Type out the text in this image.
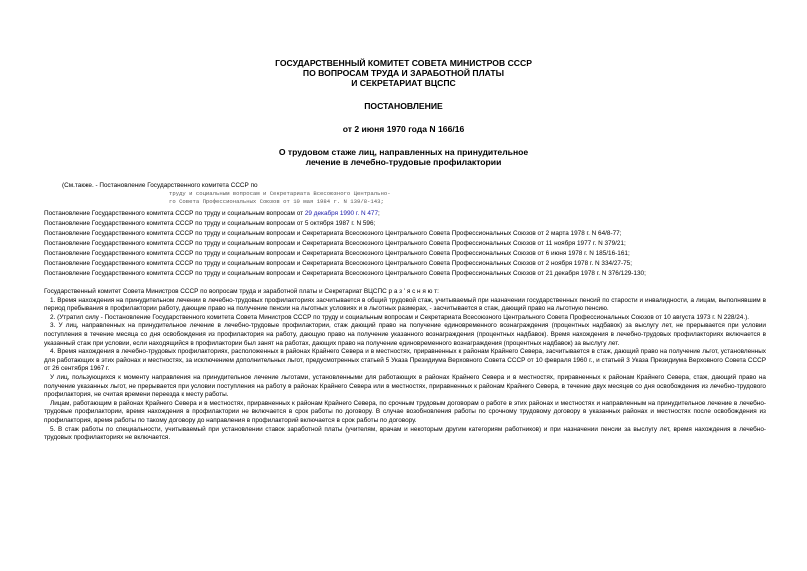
ГОСУДАРСТВЕННЫЙ КОМИТЕТ СОВЕТА МИНИСТРОВ СССР
ПО ВОПРОСАМ ТРУДА И ЗАРАБОТНОЙ ПЛАТЫ
И СЕКРЕТАРИАТ ВЦСПС
ПОСТАНОВЛЕНИЕ
от 2 июня 1970 года N 166/16
О трудовом стаже лиц, направленных на принудительное
лечение в лечебно-трудовые профилактории
(См.также. - Постановление Государственного комитета СССР по
труду и социальным вопросам и Секретариата Всесоюзного Центрально-
го Совета Профессиональных Союзов от 10 мая 1984 г. N 139/8-143;
Постановление Государственного комитета СССР по труду и социальным вопросам от 29 декабря 1990 г. N 477;
Постановление Государственного комитета СССР по труду и социальным вопросам от 5 октября 1987 г. N 596;
Постановление Государственного комитета СССР по труду и социальным вопросам и Секретариата Всесоюзного Центрального Совета Профессиональных Союзов от 2 марта 1978 г. N 64/8-77;
Постановление Государственного комитета СССР по труду и социальным вопросам и Секретариата Всесоюзного Центрального Совета Профессиональных Союзов от 11 ноября 1977 г. N 379/21;
Постановление Государственного комитета СССР по труду и социальным вопросам и Секретариата Всесоюзного Центрального Совета Профессиональных Союзов от 6 июня 1978 г. N 185/16-161;
Постановление Государственного комитета СССР по труду и социальным вопросам и Секретариата Всесоюзного Центрального Совета Профессиональных Союзов от 2 ноября 1978 г. N 334/27-75;
Постановление Государственного комитета СССР по труду и социальным вопросам и Секретариата Всесоюзного Центрального Совета Профессиональных Союзов от 21 декабря 1978 г. N 376/129-130;

Государственный комитет Совета Министров СССР по вопросам труда и заработной платы и Секретариат ВЦСПС р а з ' я с н я ю т:

1. Время нахождения на принудительном лечении в лечебно-трудовых профилакториях засчитывается в общий трудовой стаж, учитываемый при назначении государственных пенсий по старости и инвалидности, а лицам, выполнявшим в период пребывания в профилактории работу, дающие право на получение пенсии на льготных условиях и в льготных размерах, - засчитывается в стаж, дающий право на льготную пенсию.

2. (Утратил силу - Постановление Государственного комитета Совета Министров СССР по труду и социальным вопросам и Секретариата Всесоюзного Центрального Совета Профессиональных Союзов от 10 августа 1973 г. N 228/24.).

3. У лиц, направленных на принудительное лечение в лечебно-трудовые профилактории, стаж дающий право на получение единовременного вознаграждения (процентных надбавок) за выслугу лет, не прерывается при условии поступления в течение месяца со дня освобождения из профилактория на работу, дающую право на получение указанного вознаграждения (процентных надбавок). Время нахождения в лечебно-трудовых профилакториях включается в указанный стаж при условии, если находящийся в профилактории был занят на работах, дающих право на получение единовременного вознаграждения (процентных надбавок) за выслугу лет.

4. Время нахождения в лечебно-трудовых профилакториях, расположенных в районах Крайнего Севера и в местностях, приравненных к районам Крайнего Севера, засчитывается в стаж, дающий право на получение льгот, установленных для работающих в этих районах и местностях, за исключением дополнительных льгот, предусмотренных статьей 5 Указа Президиума Верховного Совета СССР от 10 февраля 1960 г., и статьей 3 Указа Президиума Верховного Совета СССР от 26 сентября 1967 г.

У лиц, пользующихся к моменту направления на принудительное лечение льготами, установленными для работающих в районах Крайнего Севера и в местностях, приравненных к районам Крайнего Севера, стаж, дающий право на получение указанных льгот, не прерывается при условии поступления на работу в районах Крайнего Севера или в местностях, приравненных к районам Крайнего Севера, в течение двух месяцев со дня освобождения из лечебно-трудового профилактория, не считая времени переезда к месту работы.

Лицам, работающим в районах Крайнего Севера и в местностях, приравненных к районам Крайнего Севера, по срочным трудовым договорам о работе в этих районах и местностях и направленным на принудительное лечение в лечебно-трудовые профилактории, время нахождения в профилактории не включается в срок работы по договору. В случае возобновления работы по срочному трудовому договору в указанных районах и местностях после освобождения из профилактория, время работы по такому договору до направления в профилакторий включается в срок работы по договору.

5. В стаж работы по специальности, учитываемый при установлении ставок заработной платы (учителям, врачам и некоторым другим категориям работников) и при назначении пенсии за выслугу лет, время нахождения в лечебно-трудовых профилакториях не включается.
